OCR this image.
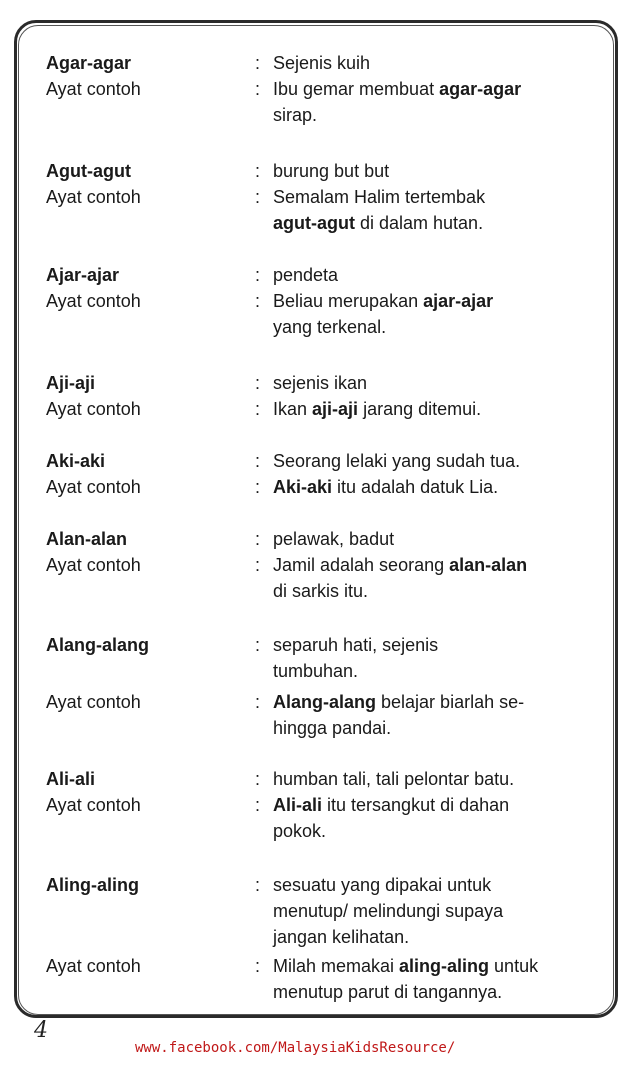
Agar-agar	: Sejenis kuih
Ayat contoh	: Ibu gemar membuat agar-agar
sirap.
Agut-agut	: burung but but
Ayat contoh	: Semalam Halim tertembak
agut-agut di dalam hutan.
Ajar-ajar	: pendeta
Ayat contoh	: Beliau merupakan ajar-ajar
yang terkenal.
Aji-aji	: sejenis ikan
Ayat contoh	: Ikan aji-aji jarang ditemui.
Aki-aki	: Seorang lelaki yang sudah tua.
Ayat contoh	: Aki-aki itu adalah datuk Lia.
Alan-alan	: pelawak, badut
Ayat contoh	: Jamil adalah seorang alan-alan
di sarkis itu.
Alang-alang	: separuh hati, sejenis
tumbuhan.
Ayat contoh	: Alang-alang belajar biarlah se-
hingga pandai.
Ali-ali	: humban tali, tali pelontar batu.
Ayat contoh	: Ali-ali itu tersangkut di dahan
pokok.
Aling-aling	: sesuatu yang dipakai untuk
menutup/ melindungi supaya
jangan kelihatan.
Ayat contoh	: Milah memakai aling-aling untuk
menutup parut di tangannya.
4
www.facebook.com/MalaysiaKidsResource/
